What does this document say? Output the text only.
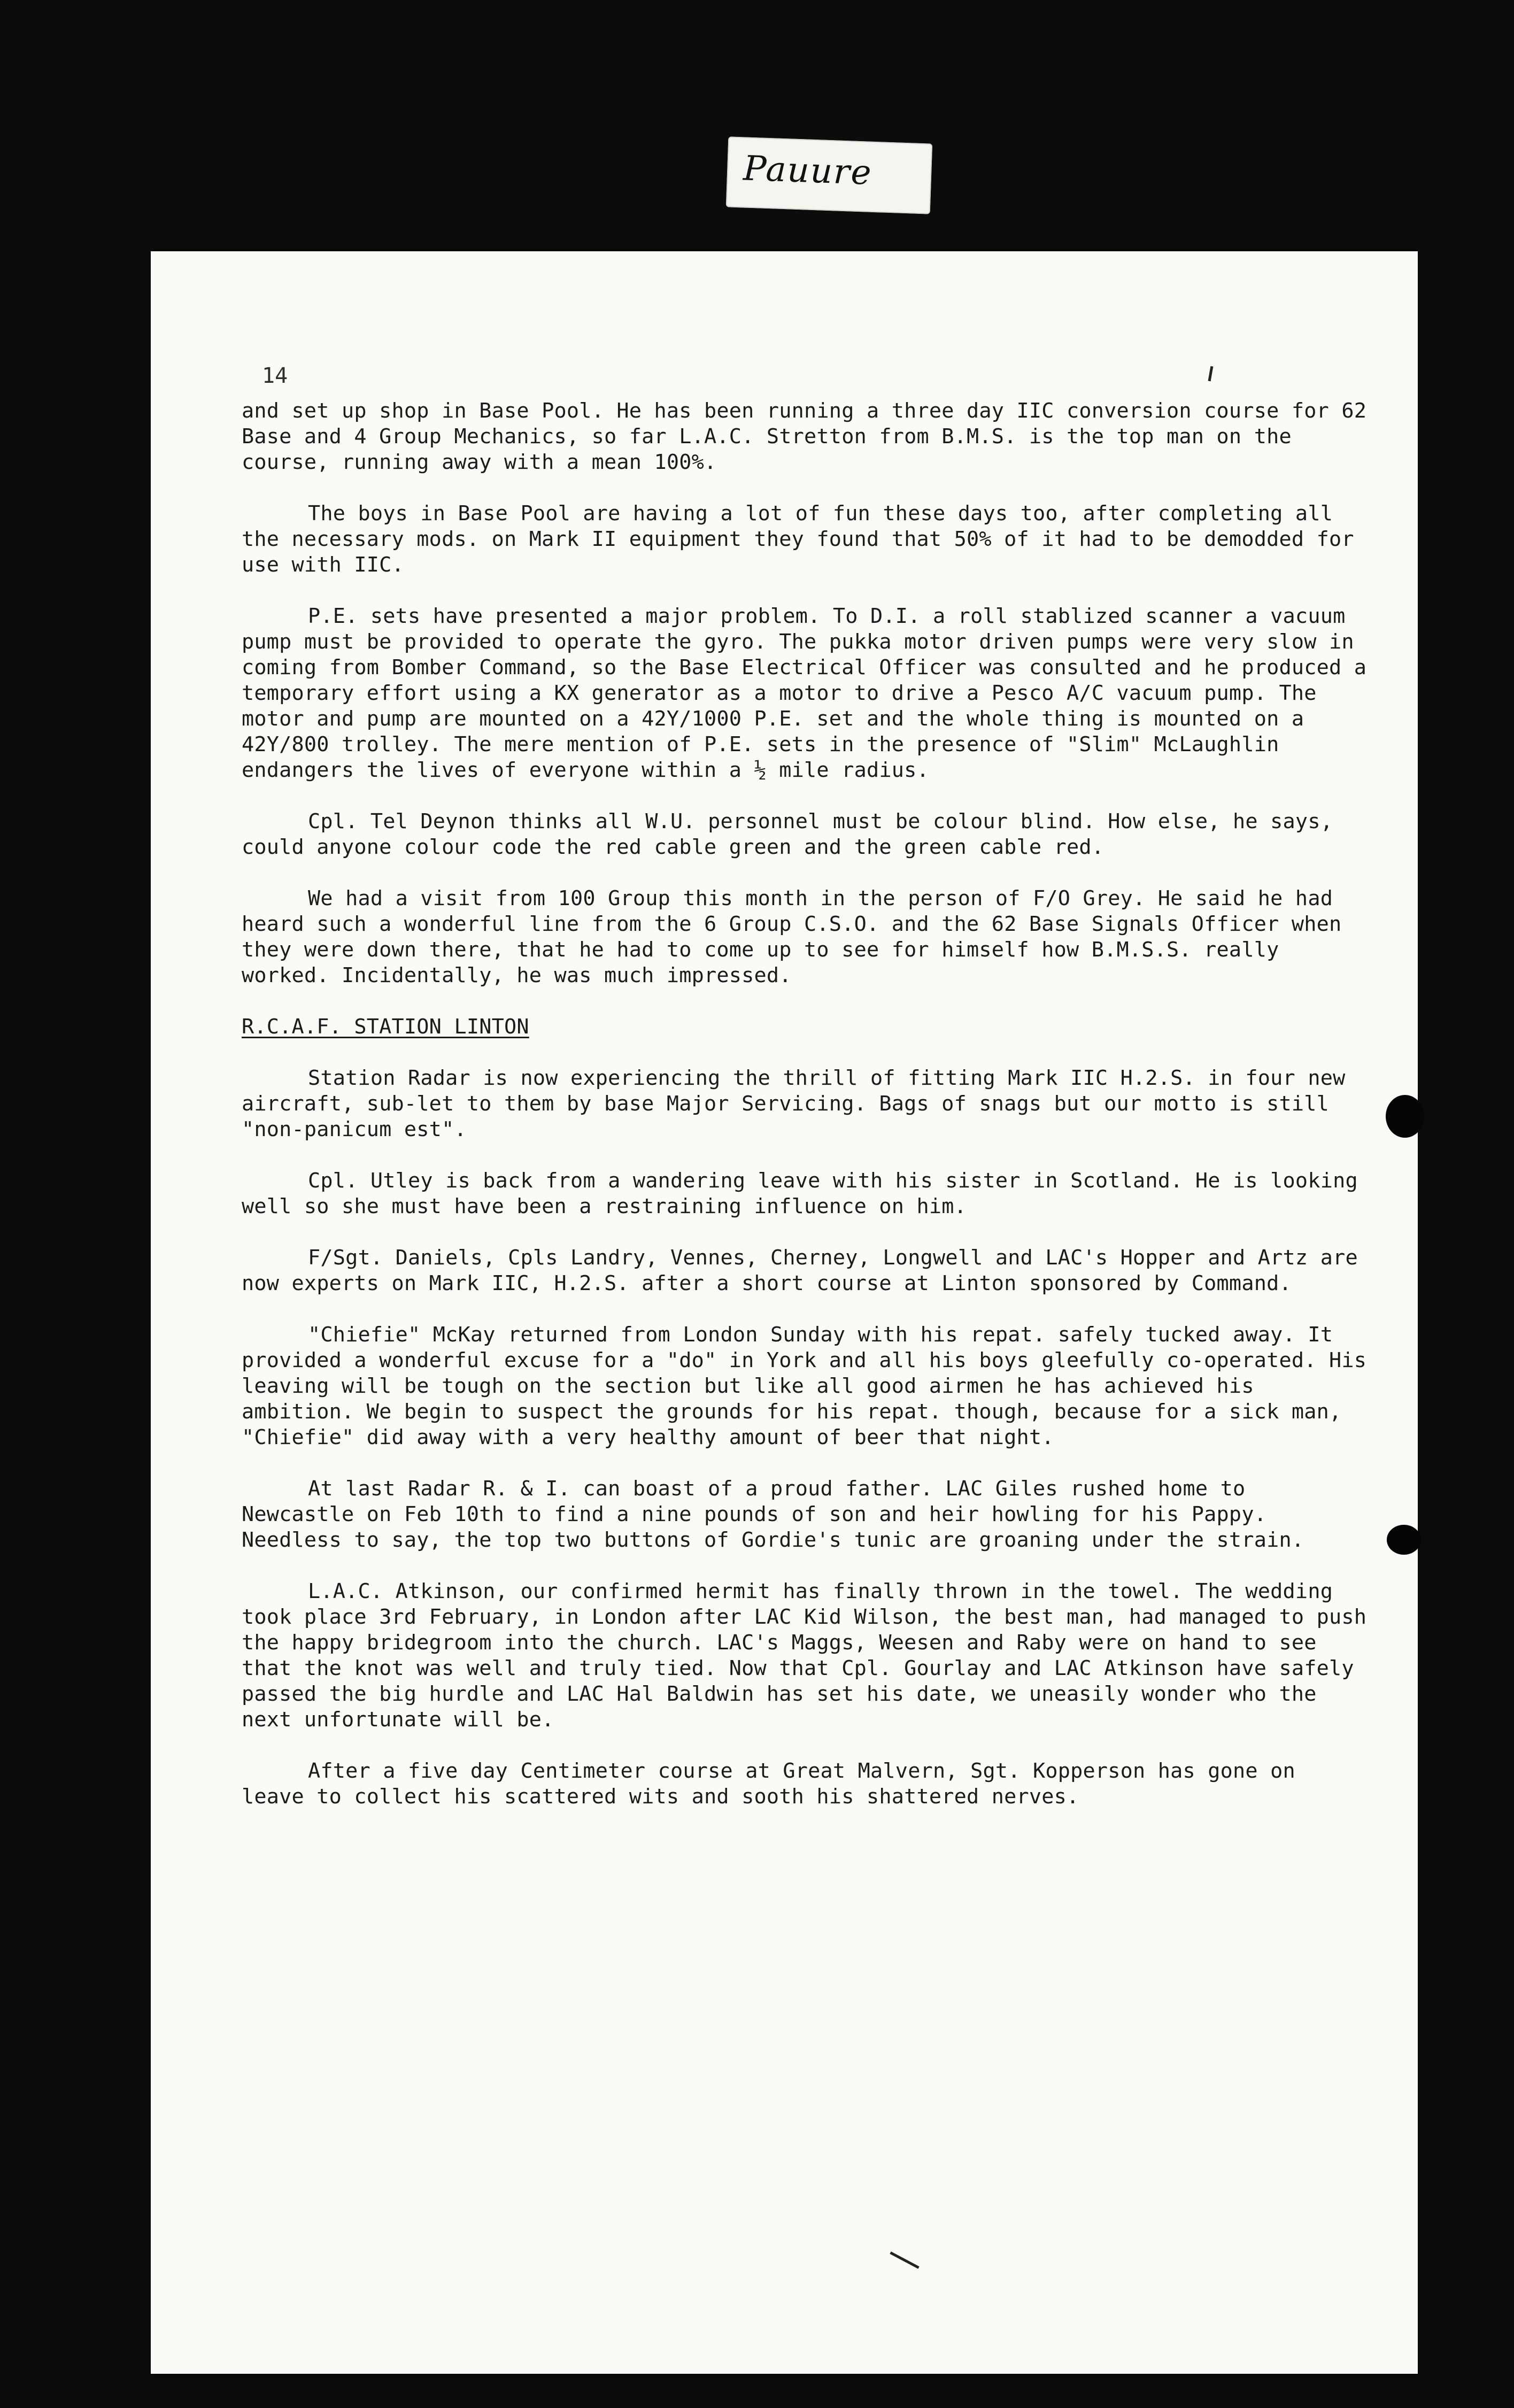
Pauure
14

and set up shop in Base Pool. He has been running a three day IIC conversion course for 62 Base and 4 Group Mechanics, so far L.A.C. Stretton from B.M.S. is the top man on the course, running away with a mean 100%.

The boys in Base Pool are having a lot of fun these days too, after completing all the necessary mods. on Mark II equipment they found that 50% of it had to be demodded for use with IIC.

P.E. sets have presented a major problem. To D.I. a roll stablized scanner a vacuum pump must be provided to operate the gyro. The pukka motor driven pumps were very slow in coming from Bomber Command, so the Base Electrical Officer was consulted and he produced a temporary effort using a KX generator as a motor to drive a Pesco A/C vacuum pump. The motor and pump are mounted on a 42Y/1000 P.E. set and the whole thing is mounted on a 42Y/800 trolley. The mere mention of P.E. sets in the presence of "Slim" McLaughlin endangers the lives of everyone within a ½ mile radius.

Cpl. Tel Deynon thinks all W.U. personnel must be colour blind. How else, he says, could anyone colour code the red cable green and the green cable red.

We had a visit from 100 Group this month in the person of F/O Grey. He said he had heard such a wonderful line from the 6 Group C.S.O. and the 62 Base Signals Officer when they were down there, that he had to come up to see for himself how B.M.S.S. really worked. Incidentally, he was much impressed.

R.C.A.F. STATION LINTON

Station Radar is now experiencing the thrill of fitting Mark IIC H.2.S. in four new aircraft, sub-let to them by base Major Servicing. Bags of snags but our motto is still "non-panicum est".

Cpl. Utley is back from a wandering leave with his sister in Scotland. He is looking well so she must have been a restraining influence on him.

F/Sgt. Daniels, Cpls Landry, Vennes, Cherney, Longwell and LAC's Hopper and Artz are now experts on Mark IIC, H.2.S. after a short course at Linton sponsored by Command.

"Chiefie" McKay returned from London Sunday with his repat. safely tucked away. It provided a wonderful excuse for a "do" in York and all his boys gleefully co-operated. His leaving will be tough on the section but like all good airmen he has achieved his ambition. We begin to suspect the grounds for his repat. though, because for a sick man, "Chiefie" did away with a very healthy amount of beer that night.

At last Radar R. & I. can boast of a proud father. LAC Giles rushed home to Newcastle on Feb 10th to find a nine pounds of son and heir howling for his Pappy. Needless to say, the top two buttons of Gordie's tunic are groaning under the strain.

L.A.C. Atkinson, our confirmed hermit has finally thrown in the towel. The wedding took place 3rd February, in London after LAC Kid Wilson, the best man, had managed to push the happy bridegroom into the church. LAC's Maggs, Weesen and Raby were on hand to see that the knot was well and truly tied. Now that Cpl. Gourlay and LAC Atkinson have safely passed the big hurdle and LAC Hal Baldwin has set his date, we uneasily wonder who the next unfortunate will be.

After a five day Centimeter course at Great Malvern, Sgt. Kopperson has gone on leave to collect his scattered wits and sooth his shattered nerves.
